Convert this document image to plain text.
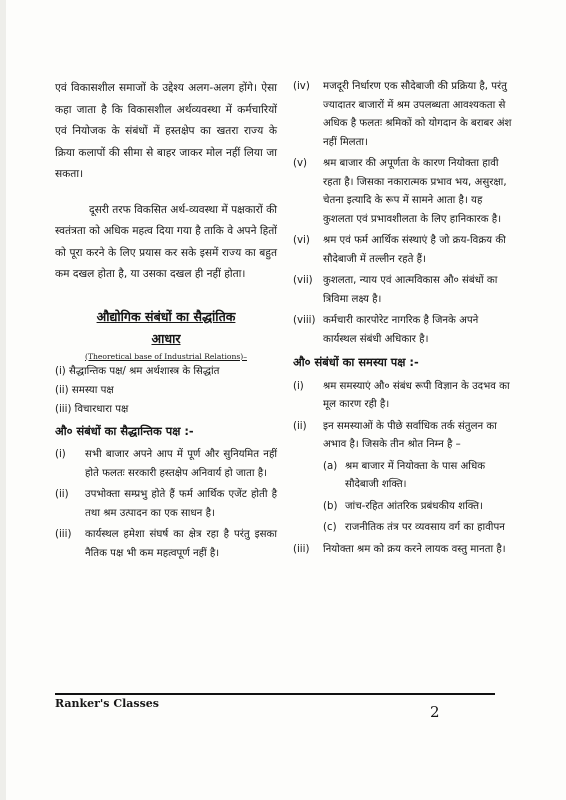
एवं विकासशील समाजों के उद्देश्य अलग-अलग होंगे। ऐसा कहा जाता है कि विकासशील अर्थव्यवस्था में कर्मचारियों एवं नियोजक के संबंधों में हस्तक्षेप का खतरा राज्य के क्रिया कलापों की सीमा से बाहर जाकर मोल नहीं लिया जा सकता।

दूसरी तरफ विकसित अर्थ-व्यवस्था में पक्षकारों की स्वतंत्रता को अधिक महत्व दिया गया है ताकि वे अपने हितों को पूरा करने के लिए प्रयास कर सके इसमें राज्य का बहुत कम दखल होता है, या उसका दखल ही नहीं होता।

औद्योगिक संबंधों का सैद्धांतिक
आधार
(Theoretical base of Industrial Relations)–

(i) सैद्धान्तिक पक्ष/ श्रम अर्थशास्त्र के सिद्धांत

(ii) समस्या पक्ष

(iii) विचारधारा पक्ष

औ० संबंधों का सैद्धान्तिक पक्ष :-
(i)	सभी बाजार अपने आप में पूर्ण और सुनियमित नहीं होते फलतः सरकारी हस्तक्षेप अनिवार्य हो जाता है।
(ii)	उपभोक्ता सम्प्रभु होते हैं फर्म आर्थिक एजेंट होती है तथा श्रम उत्पादन का एक साधन है।
(iii)	कार्यस्थल हमेशा संघर्ष का क्षेत्र रहा है परंतु इसका नैतिक पक्ष भी कम महत्वपूर्ण नहीं है।
(iv)	मजदूरी निर्धारण एक सौदेबाजी की प्रक्रिया है, परंतु ज्यादातर बाजारों में श्रम उपलब्धता आवश्यकता से अधिक है फलतः श्रमिकों को योगदान के बराबर अंश नहीं मिलता।
(v)	श्रम बाजार की अपूर्णता के कारण नियोक्ता हावी रहता है। जिसका नकारात्मक प्रभाव भय, असुरक्षा, चेतना इत्यादि के रूप में सामने आता है। यह कुशलता एवं प्रभावशीलता के लिए हानिकारक है।
(vi)	श्रम एवं फर्म आर्थिक संस्थाएं है जो क्रय-विक्रय की सौदेबाजी में तल्लीन रहते हैं।
(vii)	कुशलता, न्याय एवं आत्मविकास औ० संबंधों का त्रिविमा लक्ष्य है।
(viii) कर्मचारी कारपोरेट नागरिक है जिनके अपने कार्यस्थल संबंधी अधिकार है।
औ० संबंधों का समस्या पक्ष :-
(i)	श्रम समस्याएं औ० संबंध रूपी विज्ञान के उदभव का मूल कारण रही है।
(ii)	इन समस्याओं के पीछे सर्वाधिक तर्क संतुलन का अभाव है। जिसके तीन श्रोत निम्न है –
(a) श्रम बाजार में नियोक्ता के पास अधिक सौदेबाजी शक्ति।
(b) जांच-रहित आंतरिक प्रबंधकीय शक्ति।
(c) राजनीतिक तंत्र पर व्यवसाय वर्ग का हावीपन
(iii)	नियोक्ता श्रम को क्रय करने लायक वस्तु मानता है।
Ranker's Classes	2
